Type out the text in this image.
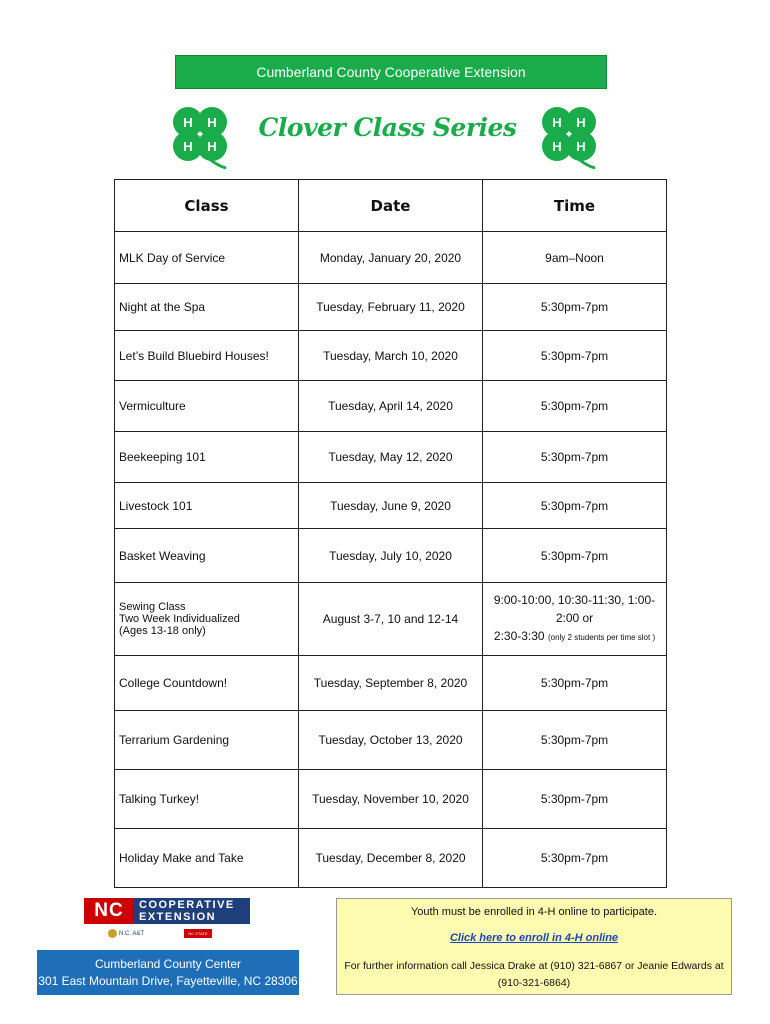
Cumberland County Cooperative Extension
H H
H H
Clover Class Series	H H
H H
Class	Date	Time
MLK Day of Service	Monday, January 20, 2020	9am–Noon
Night at the Spa	Tuesday, February 11, 2020	5:30pm-7pm
Let’s Build Bluebird Houses!	Tuesday, March 10, 2020	5:30pm-7pm
Vermiculture	Tuesday, April 14, 2020	5:30pm-7pm
Beekeeping 101	Tuesday, May 12, 2020	5:30pm-7pm
Livestock 101	Tuesday, June 9, 2020	5:30pm-7pm
Basket Weaving	Tuesday, July 10, 2020	5:30pm-7pm

Sewing Class
Two Week Individualized
(Ages 13-18 only)	August 3-7, 10 and 12-14	9:00-10:00, 10:30-11:30, 1:00-2:00 or
2:30-3:30 (only 2 students per time slot )
College Countdown!	Tuesday, September 8, 2020	5:30pm-7pm
Terrarium Gardening	Tuesday, October 13, 2020	5:30pm-7pm
Talking Turkey!	Tuesday, November 10, 2020	5:30pm-7pm
Holiday Make and Take	Tuesday, December 8, 2020	5:30pm-7pm
NC	COOPERATIVE
EXTENSION
N.C. A&T	NC STATE
Cumberland County Center
301 East Mountain Drive, Fayetteville, NC 28306
Youth must be enrolled in 4-H online to participate.
Click here to enroll in 4-H online
For further information call Jessica Drake at (910) 321-6867 or Jeanie Edwards at (910-321-6864)
